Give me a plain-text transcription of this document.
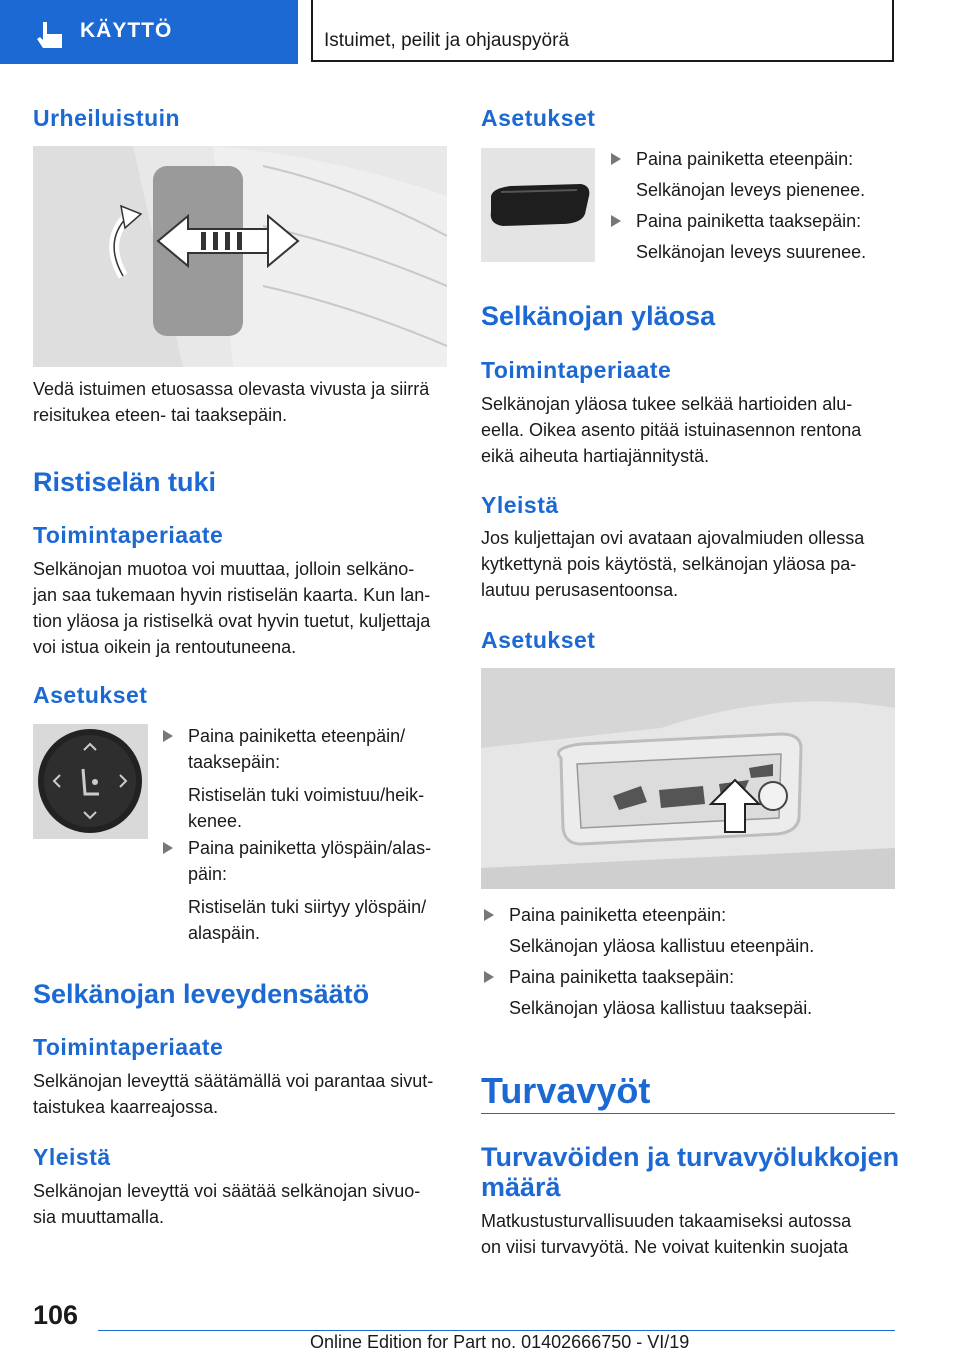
KÄYTTÖ	Istuimet, peilit ja ohjauspyörä
Urheiluistuin

Vedä istuimen etuosassa olevasta vivusta ja siirrä

reisitukea eteen- tai taaksepäin.

Ristiselän tuki
Toimintaperiaate

Selkänojan muotoa voi muuttaa, jolloin selkäno-

jan saa tukemaan hyvin ristiselän kaarta. Kun lan-

tion yläosa ja ristiselkä ovat hyvin tuetut, kuljettaja

voi istua oikein ja rentoutuneena.

Asetukset
Paina painiketta eteenpäin/
taaksepäin:
Ristiselän tuki voimistuu/heik-
kenee.
Paina painiketta ylöspäin/alas-
päin:
Ristiselän tuki siirtyy ylöspäin/
alaspäin.
Selkänojan leveydensäätö
Toimintaperiaate

Selkänojan leveyttä säätämällä voi parantaa sivut-

taistukea kaarreajossa.

Yleistä

Selkänojan leveyttä voi säätää selkänojan sivuo-

sia muuttamalla.

Asetukset
Paina painiketta eteenpäin:
Selkänojan leveys pienenee.
Paina painiketta taaksepäin:
Selkänojan leveys suurenee.
Selkänojan yläosa
Toimintaperiaate

Selkänojan yläosa tukee selkää hartioiden alu-

eella. Oikea asento pitää istuinasennon rentona

eikä aiheuta hartiajännitystä.

Yleistä

Jos kuljettajan ovi avataan ajovalmiuden ollessa

kytkettynä pois käytöstä, selkänojan yläosa pa-

lautuu perusasentoonsa.

Asetukset
Paina painiketta eteenpäin:
Selkänojan yläosa kallistuu eteenpäin.
Paina painiketta taaksepäin:
Selkänojan yläosa kallistuu taaksepäi.
Turvavyöt
Turvavöiden ja turvavyölukkojen
määrä

Matkustusturvallisuuden takaamiseksi autossa

on viisi turvavyötä. Ne voivat kuitenkin suojata

106
Online Edition for Part no. 01402666750 - VI/19
